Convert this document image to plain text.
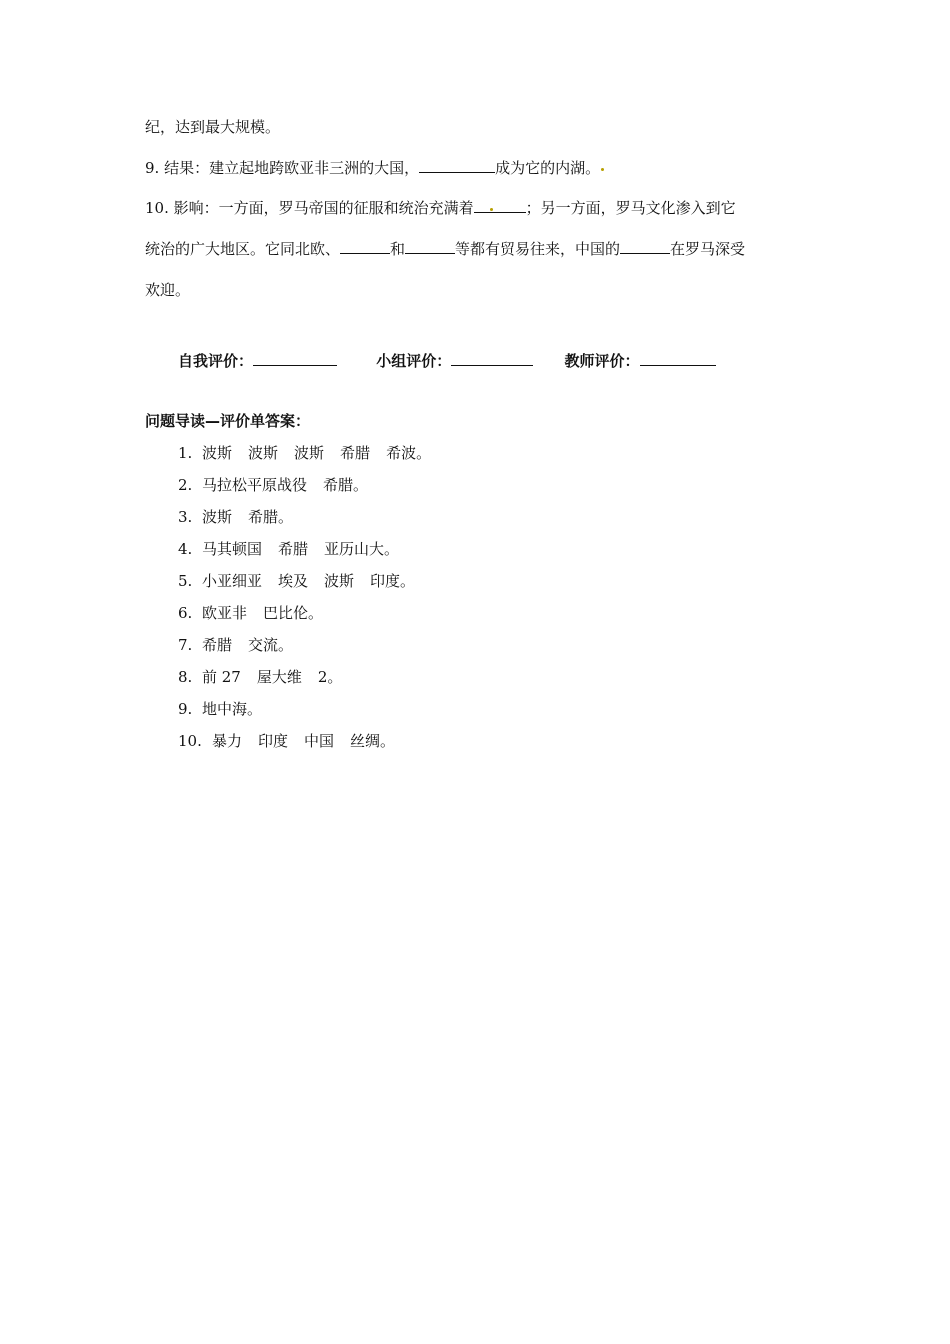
纪，达到最大规模。
9. 结果：建立起地跨欧亚非三洲的大国，	成为它的内湖。
10. 影响：一方面，罗马帝国的征服和统治充满着	；另一方面，罗马文化渗入到它
统治的广大地区。它同北欧、	和	等都有贸易往来，中国的	在罗马深受
欢迎。
自我评价：	小组评价：	教师评价：
问题导读—评价单答案：
1. 波斯 波斯 波斯 希腊 希波。
2. 马拉松平原战役 希腊。
3. 波斯 希腊。
4. 马其顿国 希腊 亚历山大。
5. 小亚细亚 埃及 波斯 印度。
6. 欧亚非 巴比伦。
7. 希腊 交流。
8. 前 27 屋大维 2。
9. 地中海。
10. 暴力 印度 中国 丝绸。
